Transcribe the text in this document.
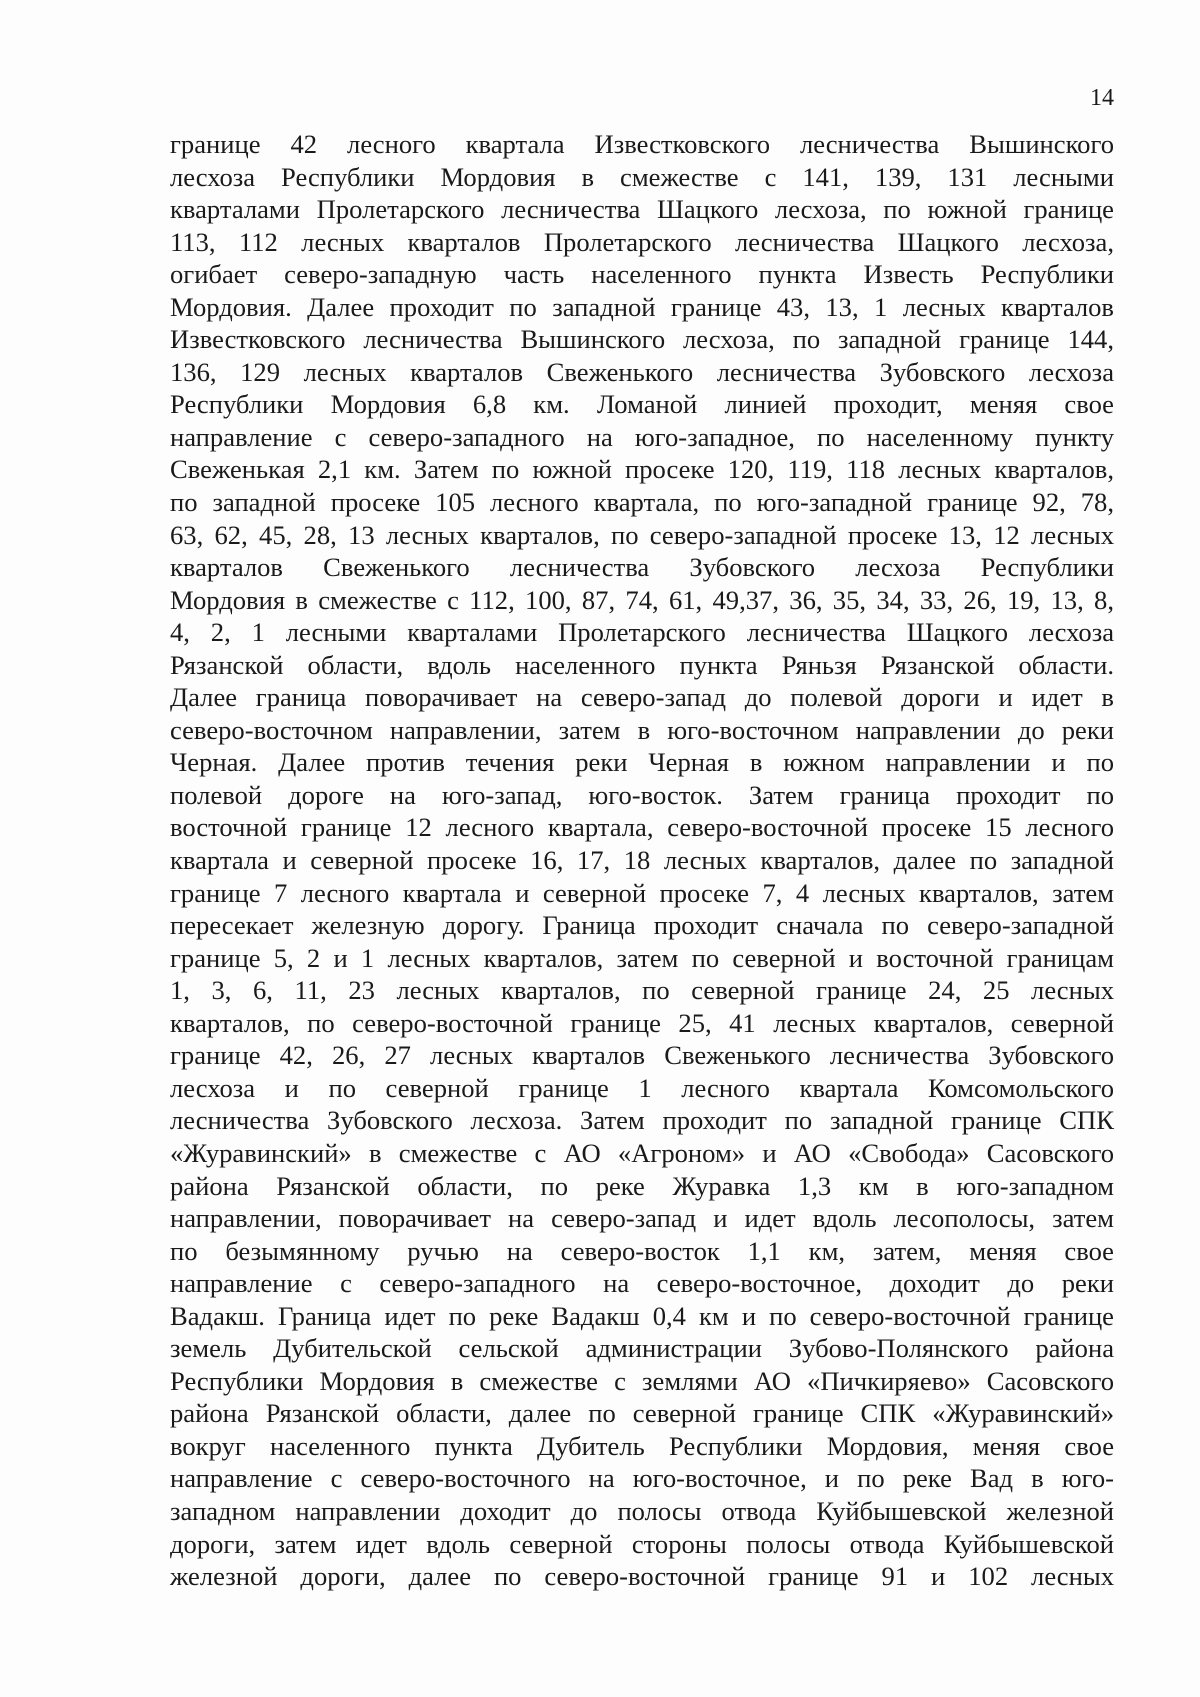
14
границе 42 лесного квартала Известковского лесничества Вышинского
лесхоза Республики Мордовия в смежестве с 141, 139, 131 лесными
кварталами Пролетарского лесничества Шацкого лесхоза, по южной границе
113, 112 лесных кварталов Пролетарского лесничества Шацкого лесхоза,
огибает северо-западную часть населенного пункта Известь Республики
Мордовия. Далее проходит по западной границе 43, 13, 1 лесных кварталов
Известковского лесничества Вышинского лесхоза, по западной границе 144,
136, 129 лесных кварталов Свеженького лесничества Зубовского лесхоза
Республики Мордовия 6,8 км. Ломаной линией проходит, меняя свое
направление с северо-западного на юго-западное, по населенному пункту
Свеженькая 2,1 км. Затем по южной просеке 120, 119, 118 лесных кварталов,
по западной просеке 105 лесного квартала, по юго-западной границе 92, 78,
63, 62, 45, 28, 13 лесных кварталов, по северо-западной просеке 13, 12 лесных
кварталов Свеженького лесничества Зубовского лесхоза Республики
Мордовия в смежестве с 112, 100, 87, 74, 61, 49,37, 36, 35, 34, 33, 26, 19, 13, 8,
4, 2, 1 лесными кварталами Пролетарского лесничества Шацкого лесхоза
Рязанской области, вдоль населенного пункта Ряньзя Рязанской области.
Далее граница поворачивает на северо-запад до полевой дороги и идет в
северо-восточном направлении, затем в юго-восточном направлении до реки
Черная. Далее против течения реки Черная в южном направлении и по
полевой дороге на юго-запад, юго-восток. Затем граница проходит по
восточной границе 12 лесного квартала, северо-восточной просеке 15 лесного
квартала и северной просеке 16, 17, 18 лесных кварталов, далее по западной
границе 7 лесного квартала и северной просеке 7, 4 лесных кварталов, затем
пересекает железную дорогу. Граница проходит сначала по северо-западной
границе 5, 2 и 1 лесных кварталов, затем по северной и восточной границам
1, 3, 6, 11, 23 лесных кварталов, по северной границе 24, 25 лесных
кварталов, по северо-восточной границе 25, 41 лесных кварталов, северной
границе 42, 26, 27 лесных кварталов Свеженького лесничества Зубовского
лесхоза и по северной границе 1 лесного квартала Комсомольского
лесничества Зубовского лесхоза. Затем проходит по западной границе СПК
«Журавинский» в смежестве с АО «Агроном» и АО «Свобода» Сасовского
района Рязанской области, по реке Журавка 1,3 км в юго-западном
направлении, поворачивает на северо-запад и идет вдоль лесополосы, затем
по безымянному ручью на северо-восток 1,1 км, затем, меняя свое
направление с северо-западного на северо-восточное, доходит до реки
Вадакш. Граница идет по реке Вадакш 0,4 км и по северо-восточной границе
земель Дубительской сельской администрации Зубово-Полянского района
Республики Мордовия в смежестве с землями АО «Пичкиряево» Сасовского
района Рязанской области, далее по северной границе СПК «Журавинский»
вокруг населенного пункта Дубитель Республики Мордовия, меняя свое
направление с северо-восточного на юго-восточное, и по реке Вад в юго-
западном направлении доходит до полосы отвода Куйбышевской железной
дороги, затем идет вдоль северной стороны полосы отвода Куйбышевской
железной дороги, далее по северо-восточной границе 91 и 102 лесных
